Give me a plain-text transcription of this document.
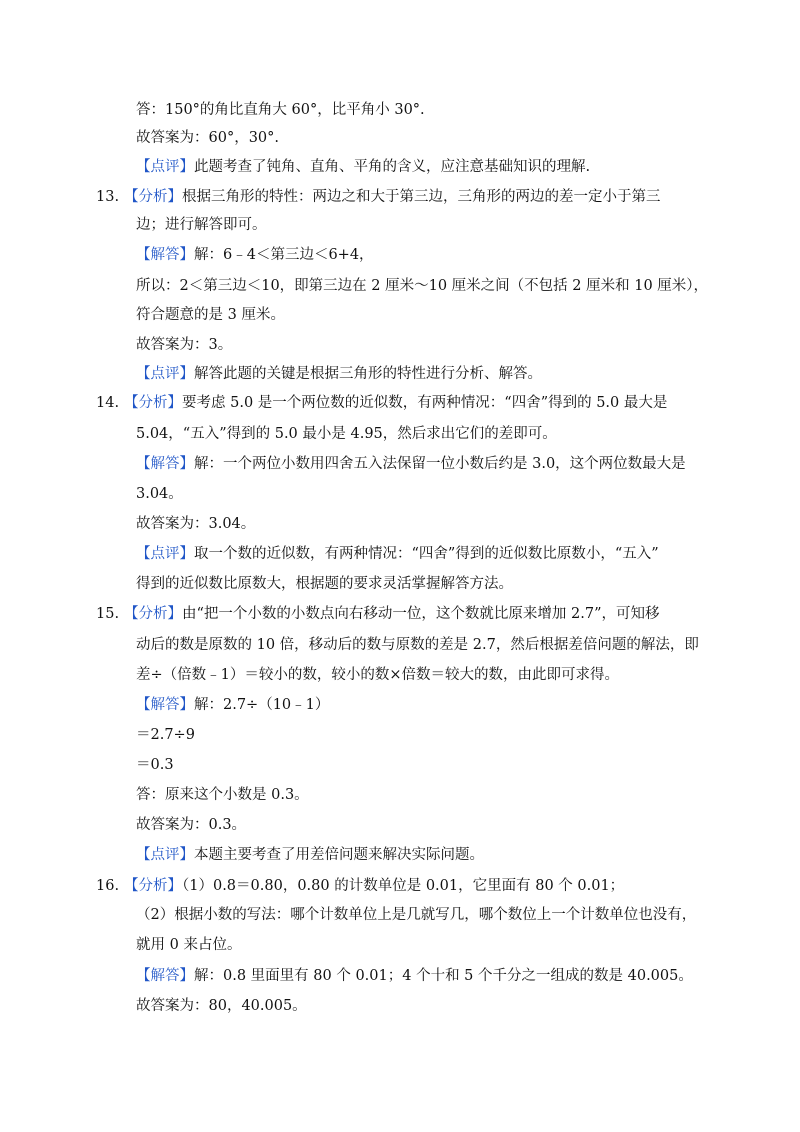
答：150°的角比直角大 60°，比平角小 30°.
故答案为：60°，30°.
【点评】此题考查了钝角、直角、平角的含义，应注意基础知识的理解.
13. 【分析】根据三角形的特性：两边之和大于第三边，三角形的两边的差一定小于第三
边；进行解答即可。
【解答】解：6﹣4＜第三边＜6+4，
所以：2＜第三边＜10，即第三边在 2 厘米～10 厘米之间（不包括 2 厘米和 10 厘米），
符合题意的是 3 厘米。
故答案为：3。
【点评】解答此题的关键是根据三角形的特性进行分析、解答。
14. 【分析】要考虑 5.0 是一个两位数的近似数，有两种情况：“四舍”得到的 5.0 最大是
5.04，“五入”得到的 5.0 最小是 4.95，然后求出它们的差即可。
【解答】解：一个两位小数用四舍五入法保留一位小数后约是 3.0，这个两位数最大是
3.04。
故答案为：3.04。
【点评】取一个数的近似数，有两种情况：“四舍”得到的近似数比原数小，“五入”
得到的近似数比原数大，根据题的要求灵活掌握解答方法。
15. 【分析】由“把一个小数的小数点向右移动一位，这个数就比原来增加 2.7”，可知移
动后的数是原数的 10 倍，移动后的数与原数的差是 2.7，然后根据差倍问题的解法，即
差÷（倍数﹣1）＝较小的数，较小的数×倍数＝较大的数，由此即可求得。
【解答】解：2.7÷（10﹣1）
＝2.7÷9
＝0.3
答：原来这个小数是 0.3。
故答案为：0.3。
【点评】本题主要考查了用差倍问题来解决实际问题。
16. 【分析】（1）0.8＝0.80，0.80 的计数单位是 0.01，它里面有 80 个 0.01；
（2）根据小数的写法：哪个计数单位上是几就写几，哪个数位上一个计数单位也没有，
就用 0 来占位。
【解答】解：0.8 里面里有 80 个 0.01；4 个十和 5 个千分之一组成的数是 40.005。
故答案为：80，40.005。
